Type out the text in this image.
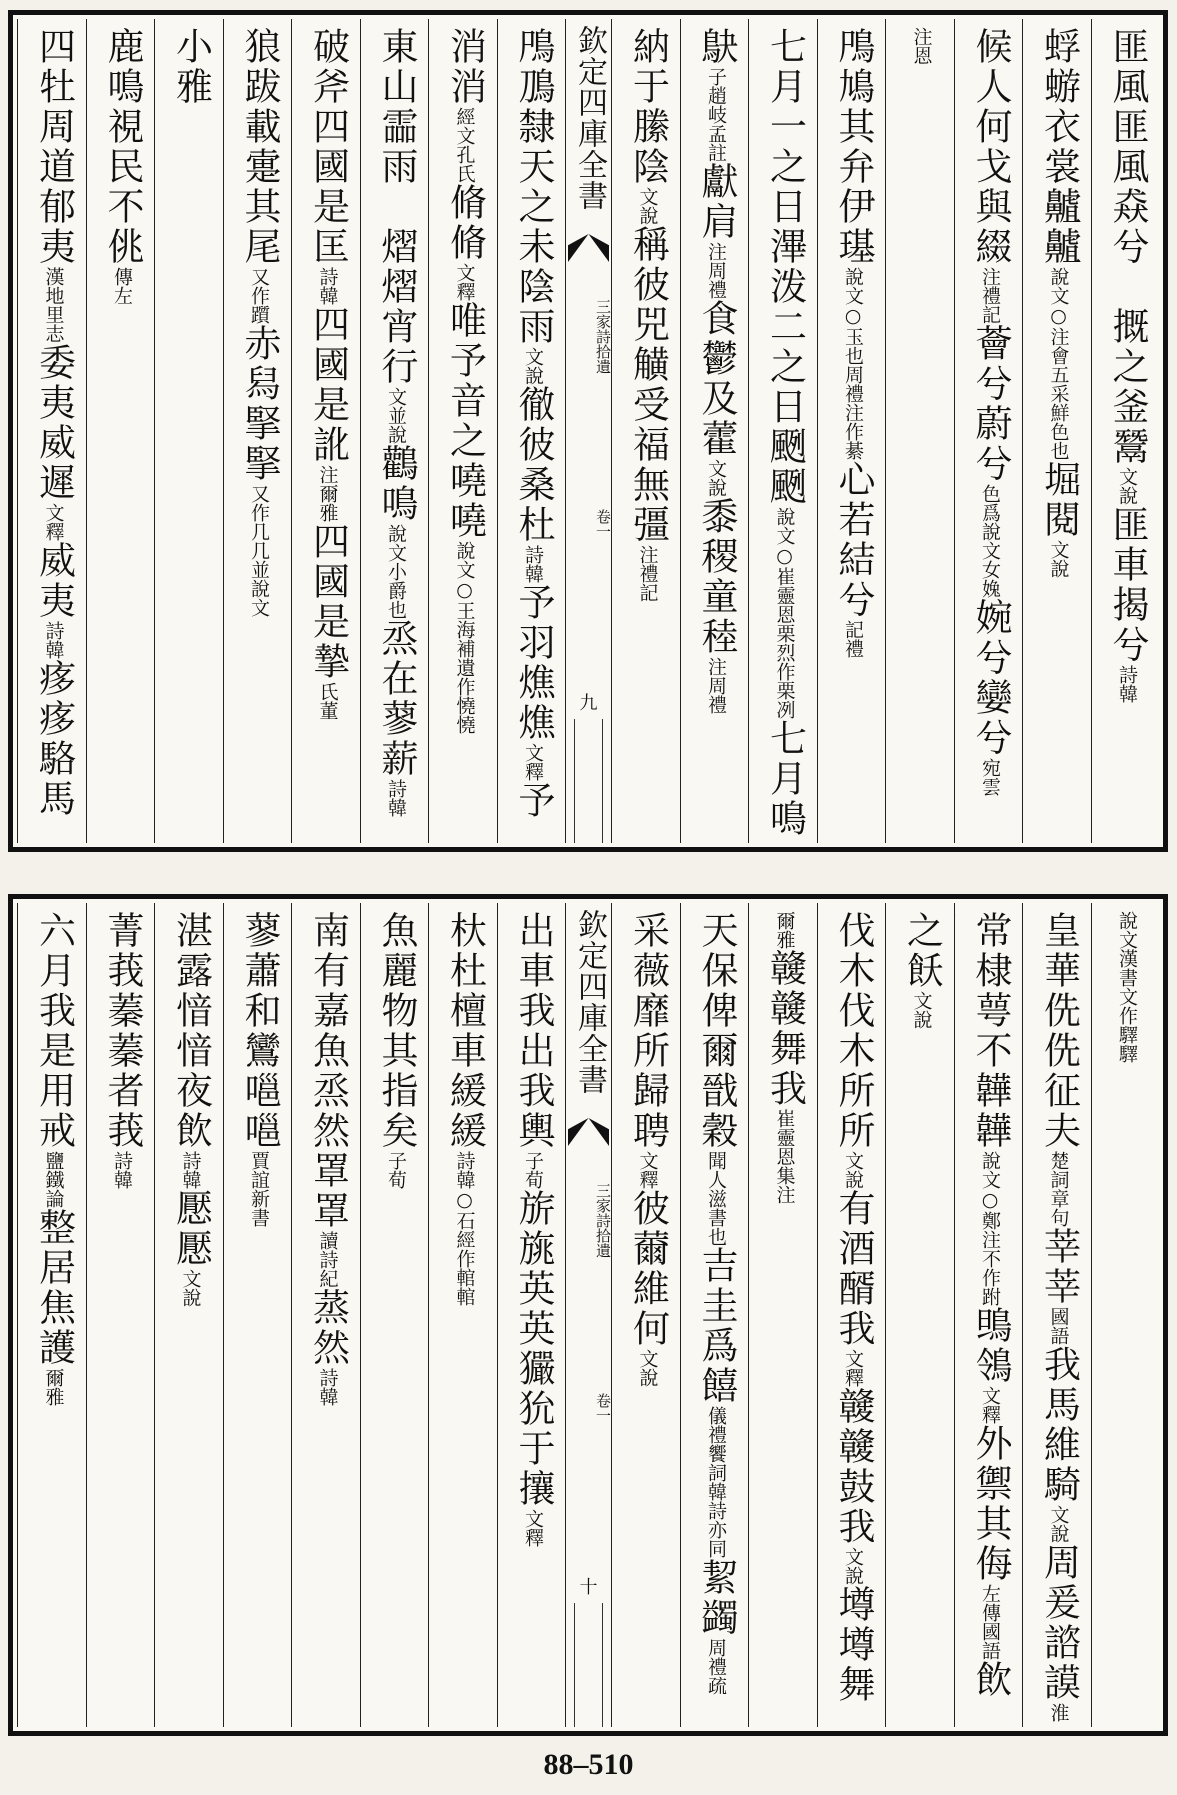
匪風匪風猋兮　摡之釜鬵文說匪車揭兮詩韓
蜉蝣衣裳齇齇說文○注會五采鮮色也堀閱文說
候人何戈與綴注禮記薈兮蔚兮色爲說文女婏婉兮孌兮宛雲
注恩
鳲鳩其弁伊璂說文○玉也周禮注作綦心若結兮記禮
七月一之日滭泼二之日颲颲說文○崔靈恩栗烈作栗冽七月鳴
鴃子趙岐孟註獻肩注周禮食鬱及藿文說黍稷童稑注周禮
納于縢陰文說稱彼兕觵受福無彊注禮記
欽定四庫全書
三家詩拾遺
卷一
九
鳲鳭隸天之未陰雨文說徹彼桑杜詩韓予羽燋燋文釋予
消消經文孔氏脩脩文釋唯予音之嘵嘵說文○王海補遺作憢憢
東山霝雨　熠熠宵行文並說鸛鳴說文小爵也烝在蓼薪詩韓
破斧四國是匡詩韓四國是訛注爾雅四國是摯氏董
狼跋載疐其尾又作躓赤舄掔掔又作几几並說文
小雅
鹿鳴視民不佻傳左
四牡周道郁夷漢地里志委夷威遲文釋威夷詩韓痑痑駱馬
說文漢書文作驛驛
皇華侁侁征夫楚詞章句莘莘國語我馬維騎文說周爰諮謨淮
常棣萼不韡韡說文○鄭注不作跗鴠鴒文釋外禦其侮左傳國語飲
之飫文說
伐木伐木所所文說有酒醑我文釋竷竷鼓我文說墫墫舞
爾雅竷竷舞我崔靈恩集注
天保俾爾戩穀聞人滋書也吉圭爲饎儀禮饗詞韓詩亦同絜蠲周禮疏
采薇靡所歸聘文釋彼薾維何文說
欽定四庫全書
三家詩拾遺
卷一
十
出車我出我輿子荀旂旐英英玁狁于攘文釋
杕杜檀車緩緩詩韓○石經作輨輨
魚麗物其指矣子荀
南有嘉魚烝然罩罩讀詩紀蒸然詩韓
蓼蕭和鸞嗈嗈賈誼新書
湛露愔愔夜飲詩韓懕懕文說
菁莪蓁蓁者莪詩韓
六月我是用戒鹽鐵論整居焦護爾雅
88–510
